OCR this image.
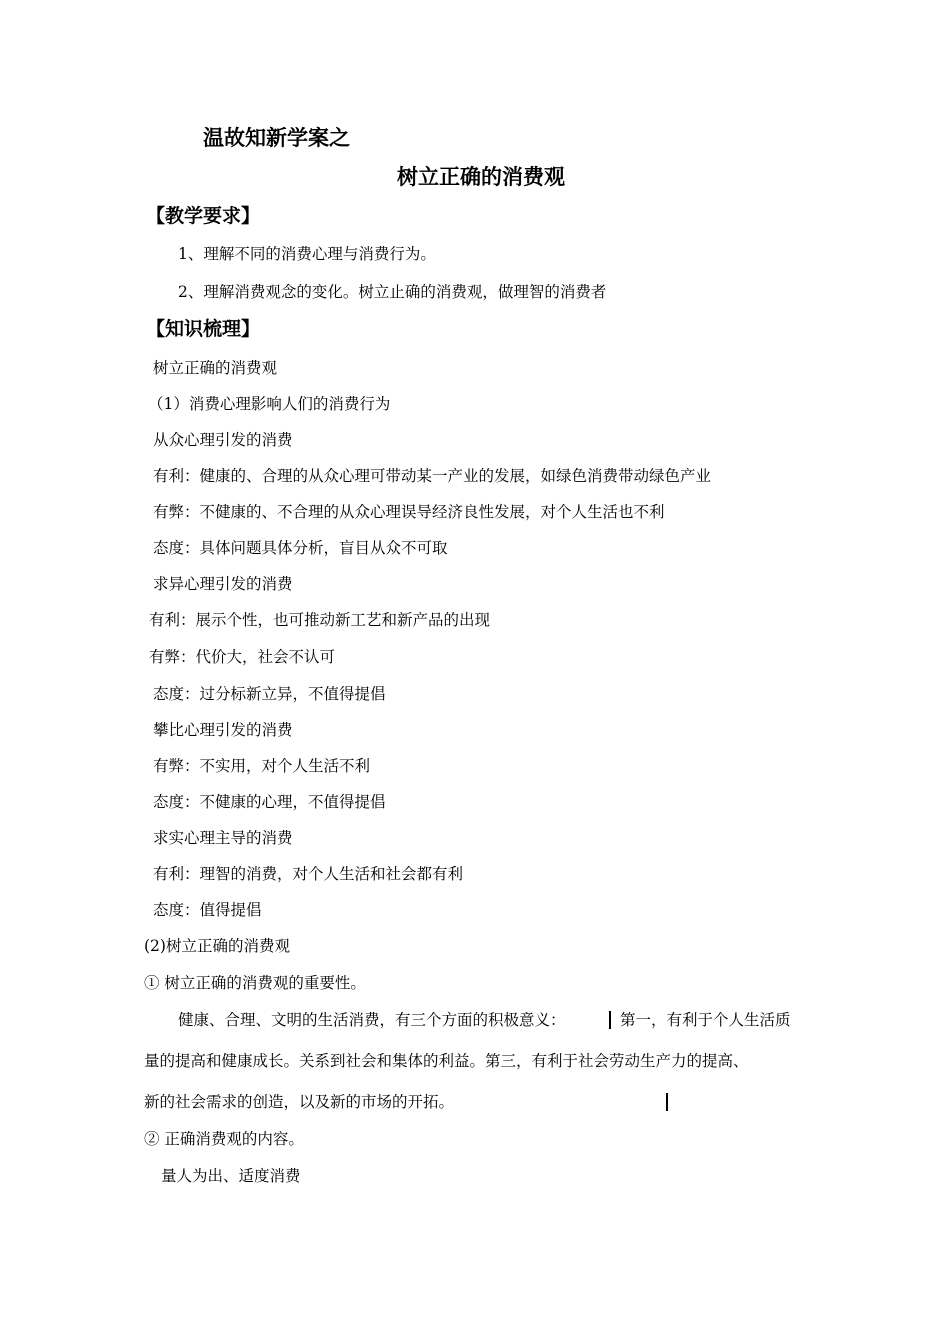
温故知新学案之
树立正确的消费观
【教学要求】
1、理解不同的消费心理与消费行为。
2、理解消费观念的变化。树立止确的消费观，做理智的消费者
【知识梳理】
树立正确的消费观
（1）消费心理影响人们的消费行为
从众心理引发的消费
有利：健康的、合理的从众心理可带动某一产业的发展，如绿色消费带动绿色产业
有弊：不健康的、不合理的从众心理误导经济良性发展，对个人生活也不利
态度：具体问题具体分析，盲目从众不可取
求异心理引发的消费
有利：展示个性，也可推动新工艺和新产品的出现
有弊：代价大，社会不认可
态度：过分标新立异，不值得提倡
攀比心理引发的消费
有弊：不实用，对个人生活不利
态度：不健康的心理，不值得提倡
求实心理主导的消费
有利：理智的消费，对个人生活和社会都有利
态度：值得提倡
(2)树立正确的消费观
① 树立正确的消费观的重要性。
健康、合理、文明的生活消费，有三个方面的积极意义：	第一，有利于个人生活质
量的提高和健康成长。关系到社会和集体的利益。第三，有利于社会劳动生产力的提高、
新的社会需求的创造，以及新的市场的开拓。
② 正确消费观的内容。
量人为出、适度消费
